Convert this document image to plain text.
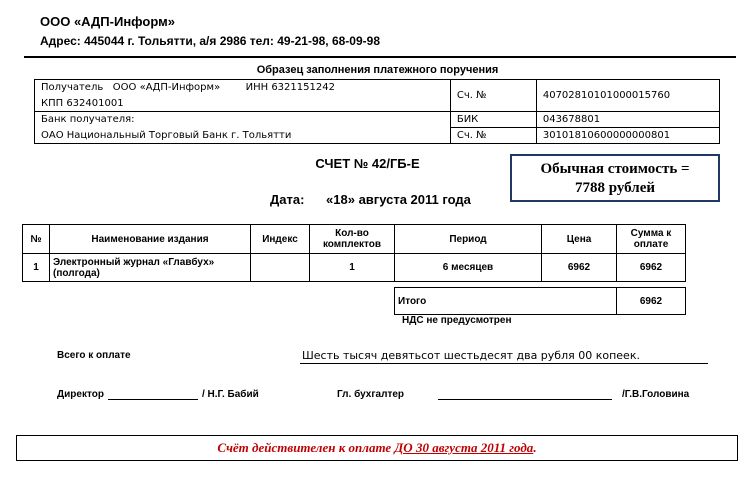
ООО «АДП-Информ»
Адрес: 445044 г. Тольятти, а/я 2986 тел: 49-21-98, 68-09-98
Образец заполнения платежного поручения
Получатель ООО «АДП-Информ» ИНН 6321151242	Сч. №	40702810101000015760
КПП 632401001		
Банк получателя:	БИК	043678801
ОАО Национальный Торговый Банк г. Тольятти	Сч. №	30101810600000000801
СЧЕТ № 42/ГБ-Е
Дата: «18» августа 2011 года
Обычная стоимость =
7788 рублей
№	Наименование издания	Индекс	Кол-во комплектов	Период	Цена	Сумма к оплате
1	Электронный журнал «Главбух» (полгода)		1	6 месяцев	6962	6962

				Итого		6962
НДС не предусмотрен
Всего к оплате	Шесть тысяч девятьсот шестьдесят два рубля 00 копеек.
Директор	/ Н.Г. Бабий	Гл. бухгалтер	/Г.В.Головина
Счёт действителен к оплате ДО 30 августа 2011 года.
